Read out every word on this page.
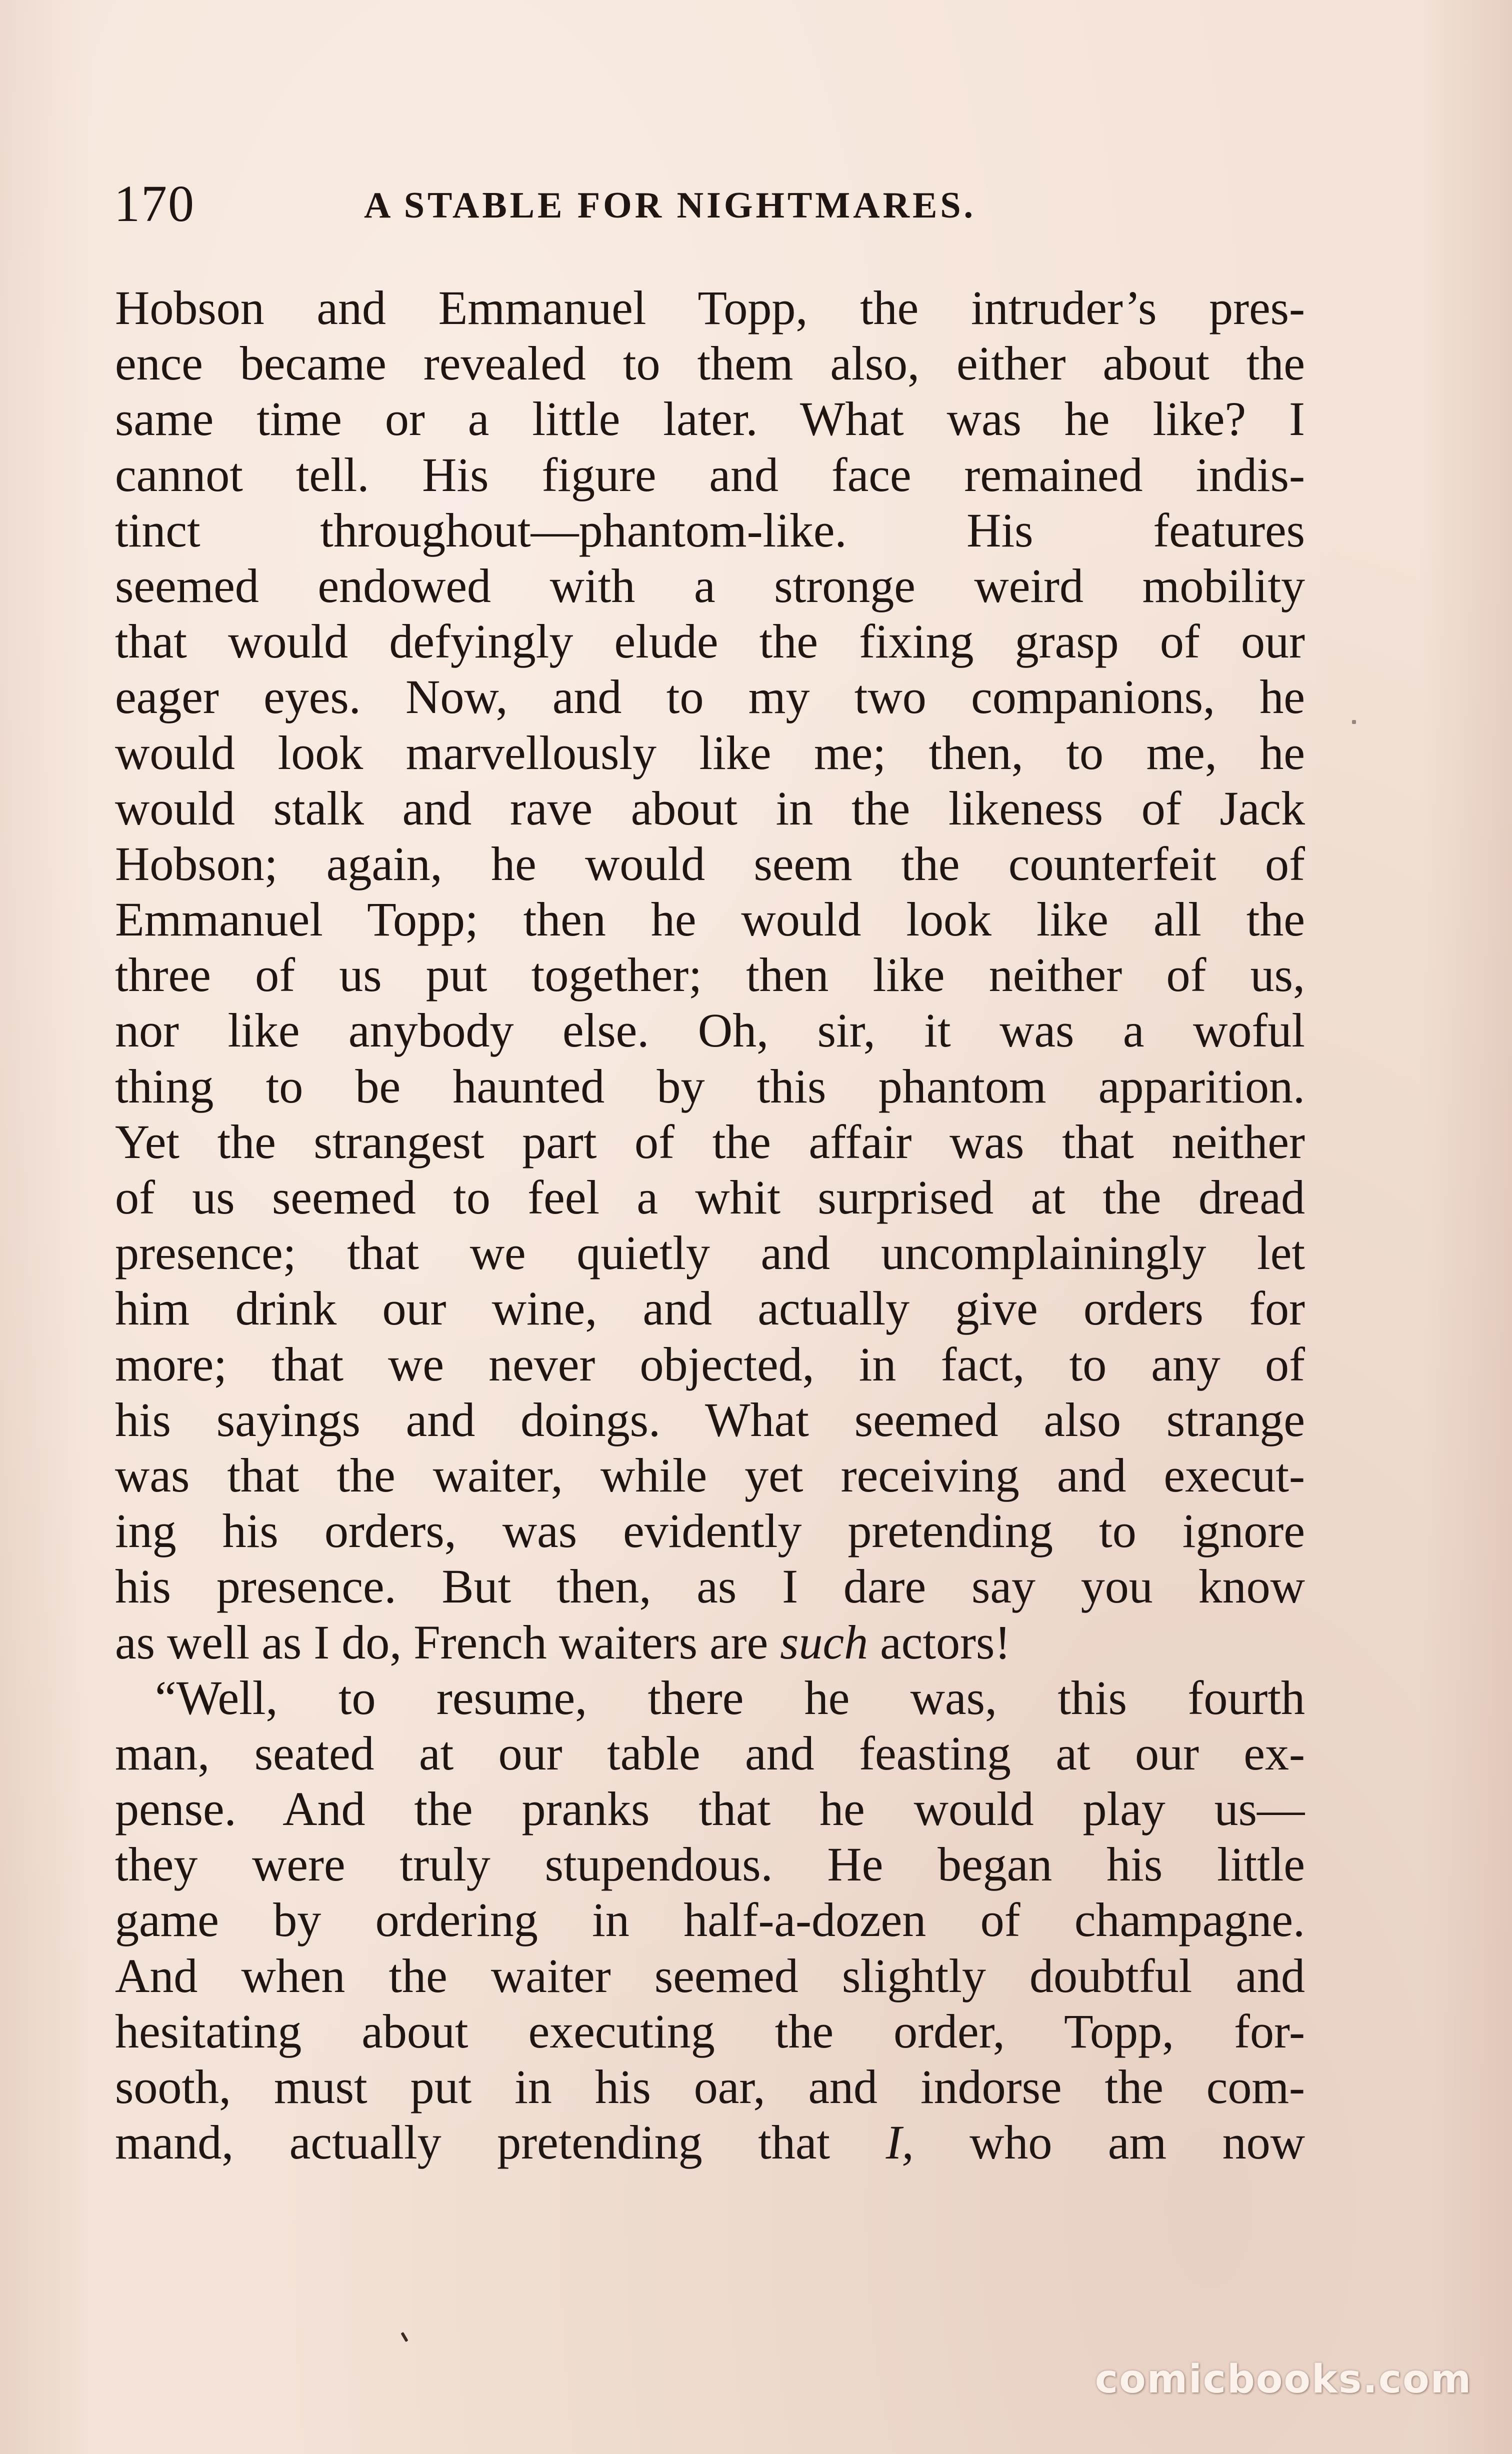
170	A STABLE FOR NIGHTMARES.
Hobson and Emmanuel Topp, the intruder’s pres-
ence became revealed to them also, either about the
same time or a little later. What was he like? I
cannot tell. His figure and face remained indis-
tinct throughout—phantom-like. His features
seemed endowed with a stronge weird mobility
that would defyingly elude the fixing grasp of our
eager eyes. Now, and to my two companions, he
would look marvellously like me; then, to me, he
would stalk and rave about in the likeness of Jack
Hobson; again, he would seem the counterfeit of
Emmanuel Topp; then he would look like all the
three of us put together; then like neither of us,
nor like anybody else. Oh, sir, it was a woful
thing to be haunted by this phantom apparition.
Yet the strangest part of the affair was that neither
of us seemed to feel a whit surprised at the dread
presence; that we quietly and uncomplainingly let
him drink our wine, and actually give orders for
more; that we never objected, in fact, to any of
his sayings and doings. What seemed also strange
was that the waiter, while yet receiving and execut-
ing his orders, was evidently pretending to ignore
his presence. But then, as I dare say you know
as well as I do, French waiters are such actors!
“Well, to resume, there he was, this fourth
man, seated at our table and feasting at our ex-
pense. And the pranks that he would play us—
they were truly stupendous. He began his little
game by ordering in half-a-dozen of champagne.
And when the waiter seemed slightly doubtful and
hesitating about executing the order, Topp, for-
sooth, must put in his oar, and indorse the com-
mand, actually pretending that I, who am now
comicbooks.com
